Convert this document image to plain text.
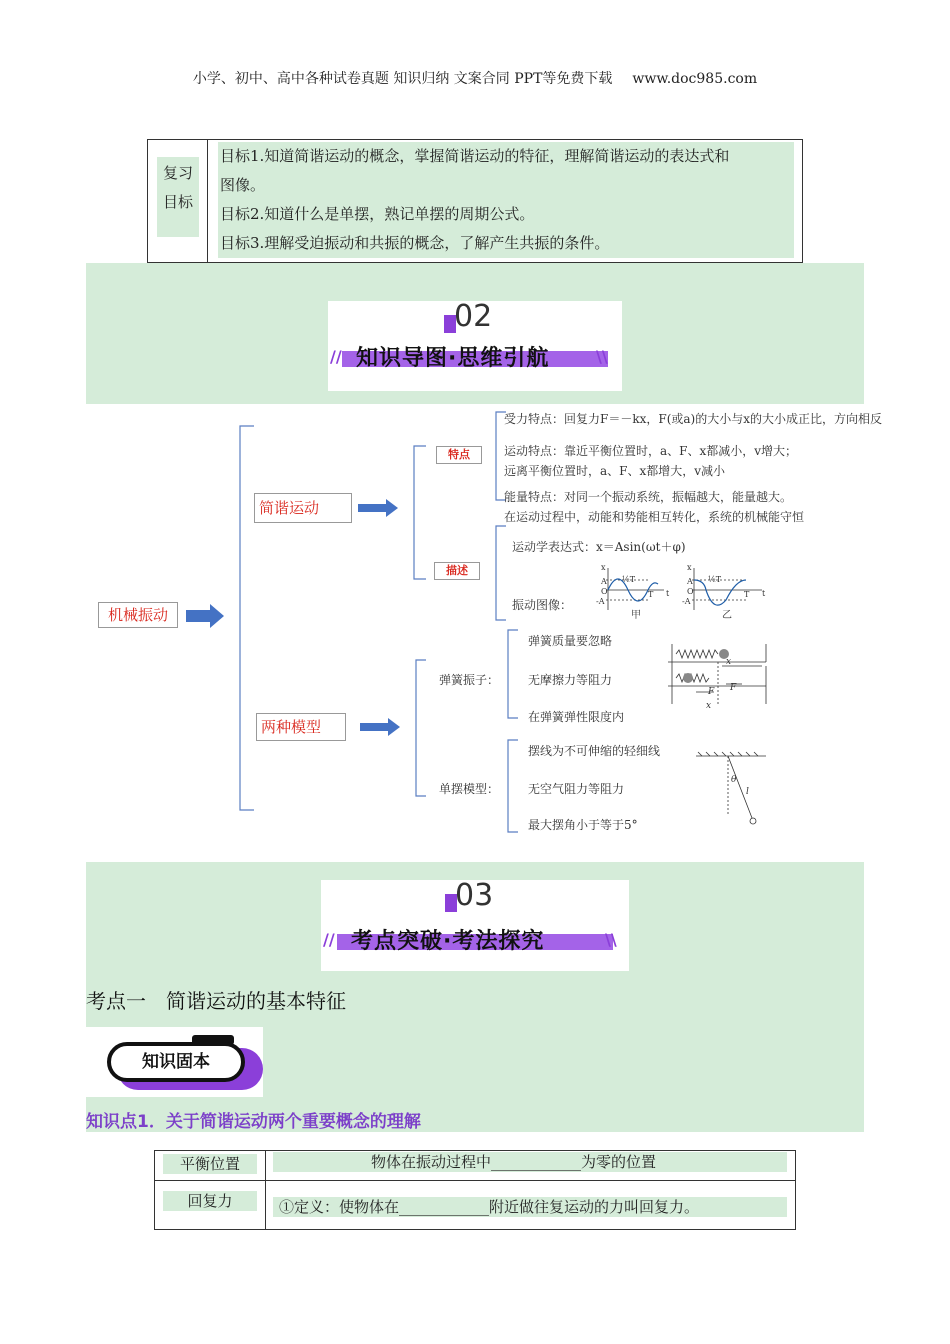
小学、初中、高中各种试卷真题 知识归纳 文案合同 PPT等免费下载 www.doc985.com
复习
目标
目标1.知道简谐运动的概念，掌握简谐运动的特征，理解简谐运动的表达式和
图像。
目标2.知道什么是单摆，熟记单摆的周期公式。
目标3.理解受迫振动和共振的概念，了解产生共振的条件。
02
//	\\
知识导图·思维引航
x
A
O
-A
½T
T t
x
A
O
-A
½T
T t
x
F F
x
θ
l
机械振动
简谐运动
两种模型
特点
描述
受力特点：回复力F＝－kx，F(或a)的大小与x的大小成正比，方向相反
运动特点：靠近平衡位置时，a、F、x都减小，v增大；
远离平衡位置时，a、F、x都增大，v减小
能量特点：对同一个振动系统，振幅越大，能量越大。
在运动过程中，动能和势能相互转化，系统的机械能守恒
运动学表达式：x＝Asin(ωt＋φ)
振动图像：
甲	乙
弹簧振子：
弹簧质量要忽略
无摩擦力等阻力
在弹簧弹性限度内
单摆模型：
摆线为不可伸缩的轻细线
无空气阻力等阻力
最大摆角小于等于5°
03
//	\\
考点突破·考法探究
考点一 简谐运动的基本特征
知识固本
知识点1．关于简谐运动两个重要概念的理解
平衡位置	物体在振动过程中____________为零的位置
回复力	①定义：使物体在____________附近做往复运动的力叫回复力。
